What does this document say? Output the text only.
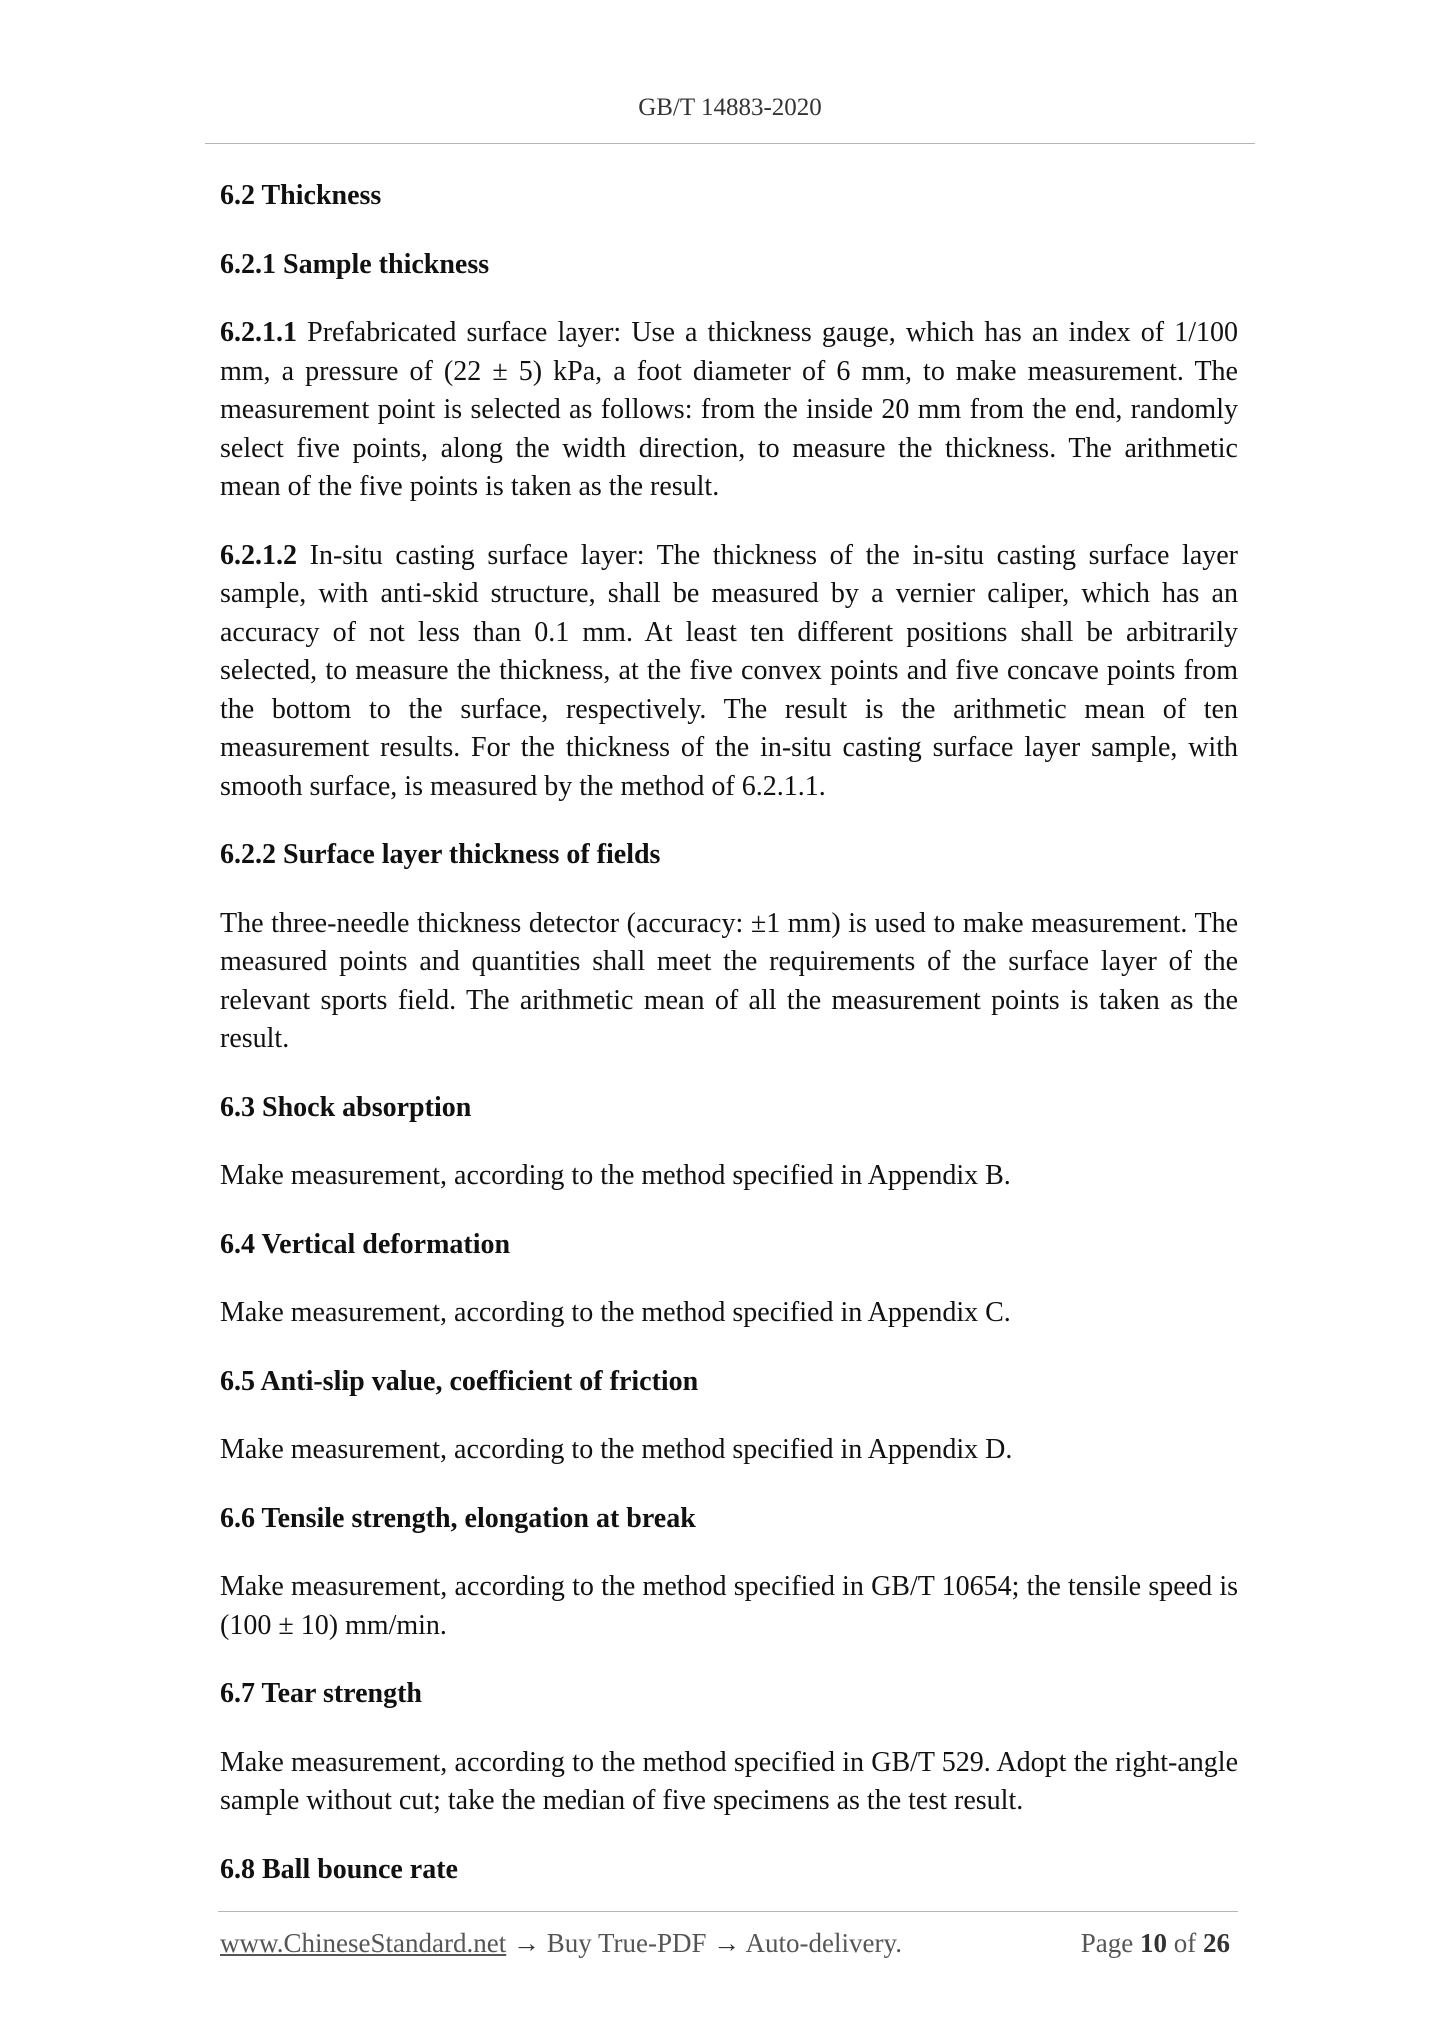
GB/T 14883-2020
6.2 Thickness
6.2.1 Sample thickness
6.2.1.1 Prefabricated surface layer: Use a thickness gauge, which has an index of 1/100 mm, a pressure of (22 ± 5) kPa, a foot diameter of 6 mm, to make measurement. The measurement point is selected as follows: from the inside 20 mm from the end, randomly select five points, along the width direction, to measure the thickness. The arithmetic mean of the five points is taken as the result.
6.2.1.2 In-situ casting surface layer: The thickness of the in-situ casting surface layer sample, with anti-skid structure, shall be measured by a vernier caliper, which has an accuracy of not less than 0.1 mm. At least ten different positions shall be arbitrarily selected, to measure the thickness, at the five convex points and five concave points from the bottom to the surface, respectively. The result is the arithmetic mean of ten measurement results. For the thickness of the in-situ casting surface layer sample, with smooth surface, is measured by the method of 6.2.1.1.
6.2.2 Surface layer thickness of fields
The three-needle thickness detector (accuracy: ±1 mm) is used to make measurement. The measured points and quantities shall meet the requirements of the surface layer of the relevant sports field. The arithmetic mean of all the measurement points is taken as the result.
6.3 Shock absorption
Make measurement, according to the method specified in Appendix B.
6.4 Vertical deformation
Make measurement, according to the method specified in Appendix C.
6.5 Anti-slip value, coefficient of friction
Make measurement, according to the method specified in Appendix D.
6.6 Tensile strength, elongation at break
Make measurement, according to the method specified in GB/T 10654; the tensile speed is (100 ± 10) mm/min.
6.7 Tear strength
Make measurement, according to the method specified in GB/T 529. Adopt the right-angle sample without cut; take the median of five specimens as the test result.
6.8 Ball bounce rate
www.ChineseStandard.net → Buy True-PDF → Auto-delivery.	Page 10 of 26
